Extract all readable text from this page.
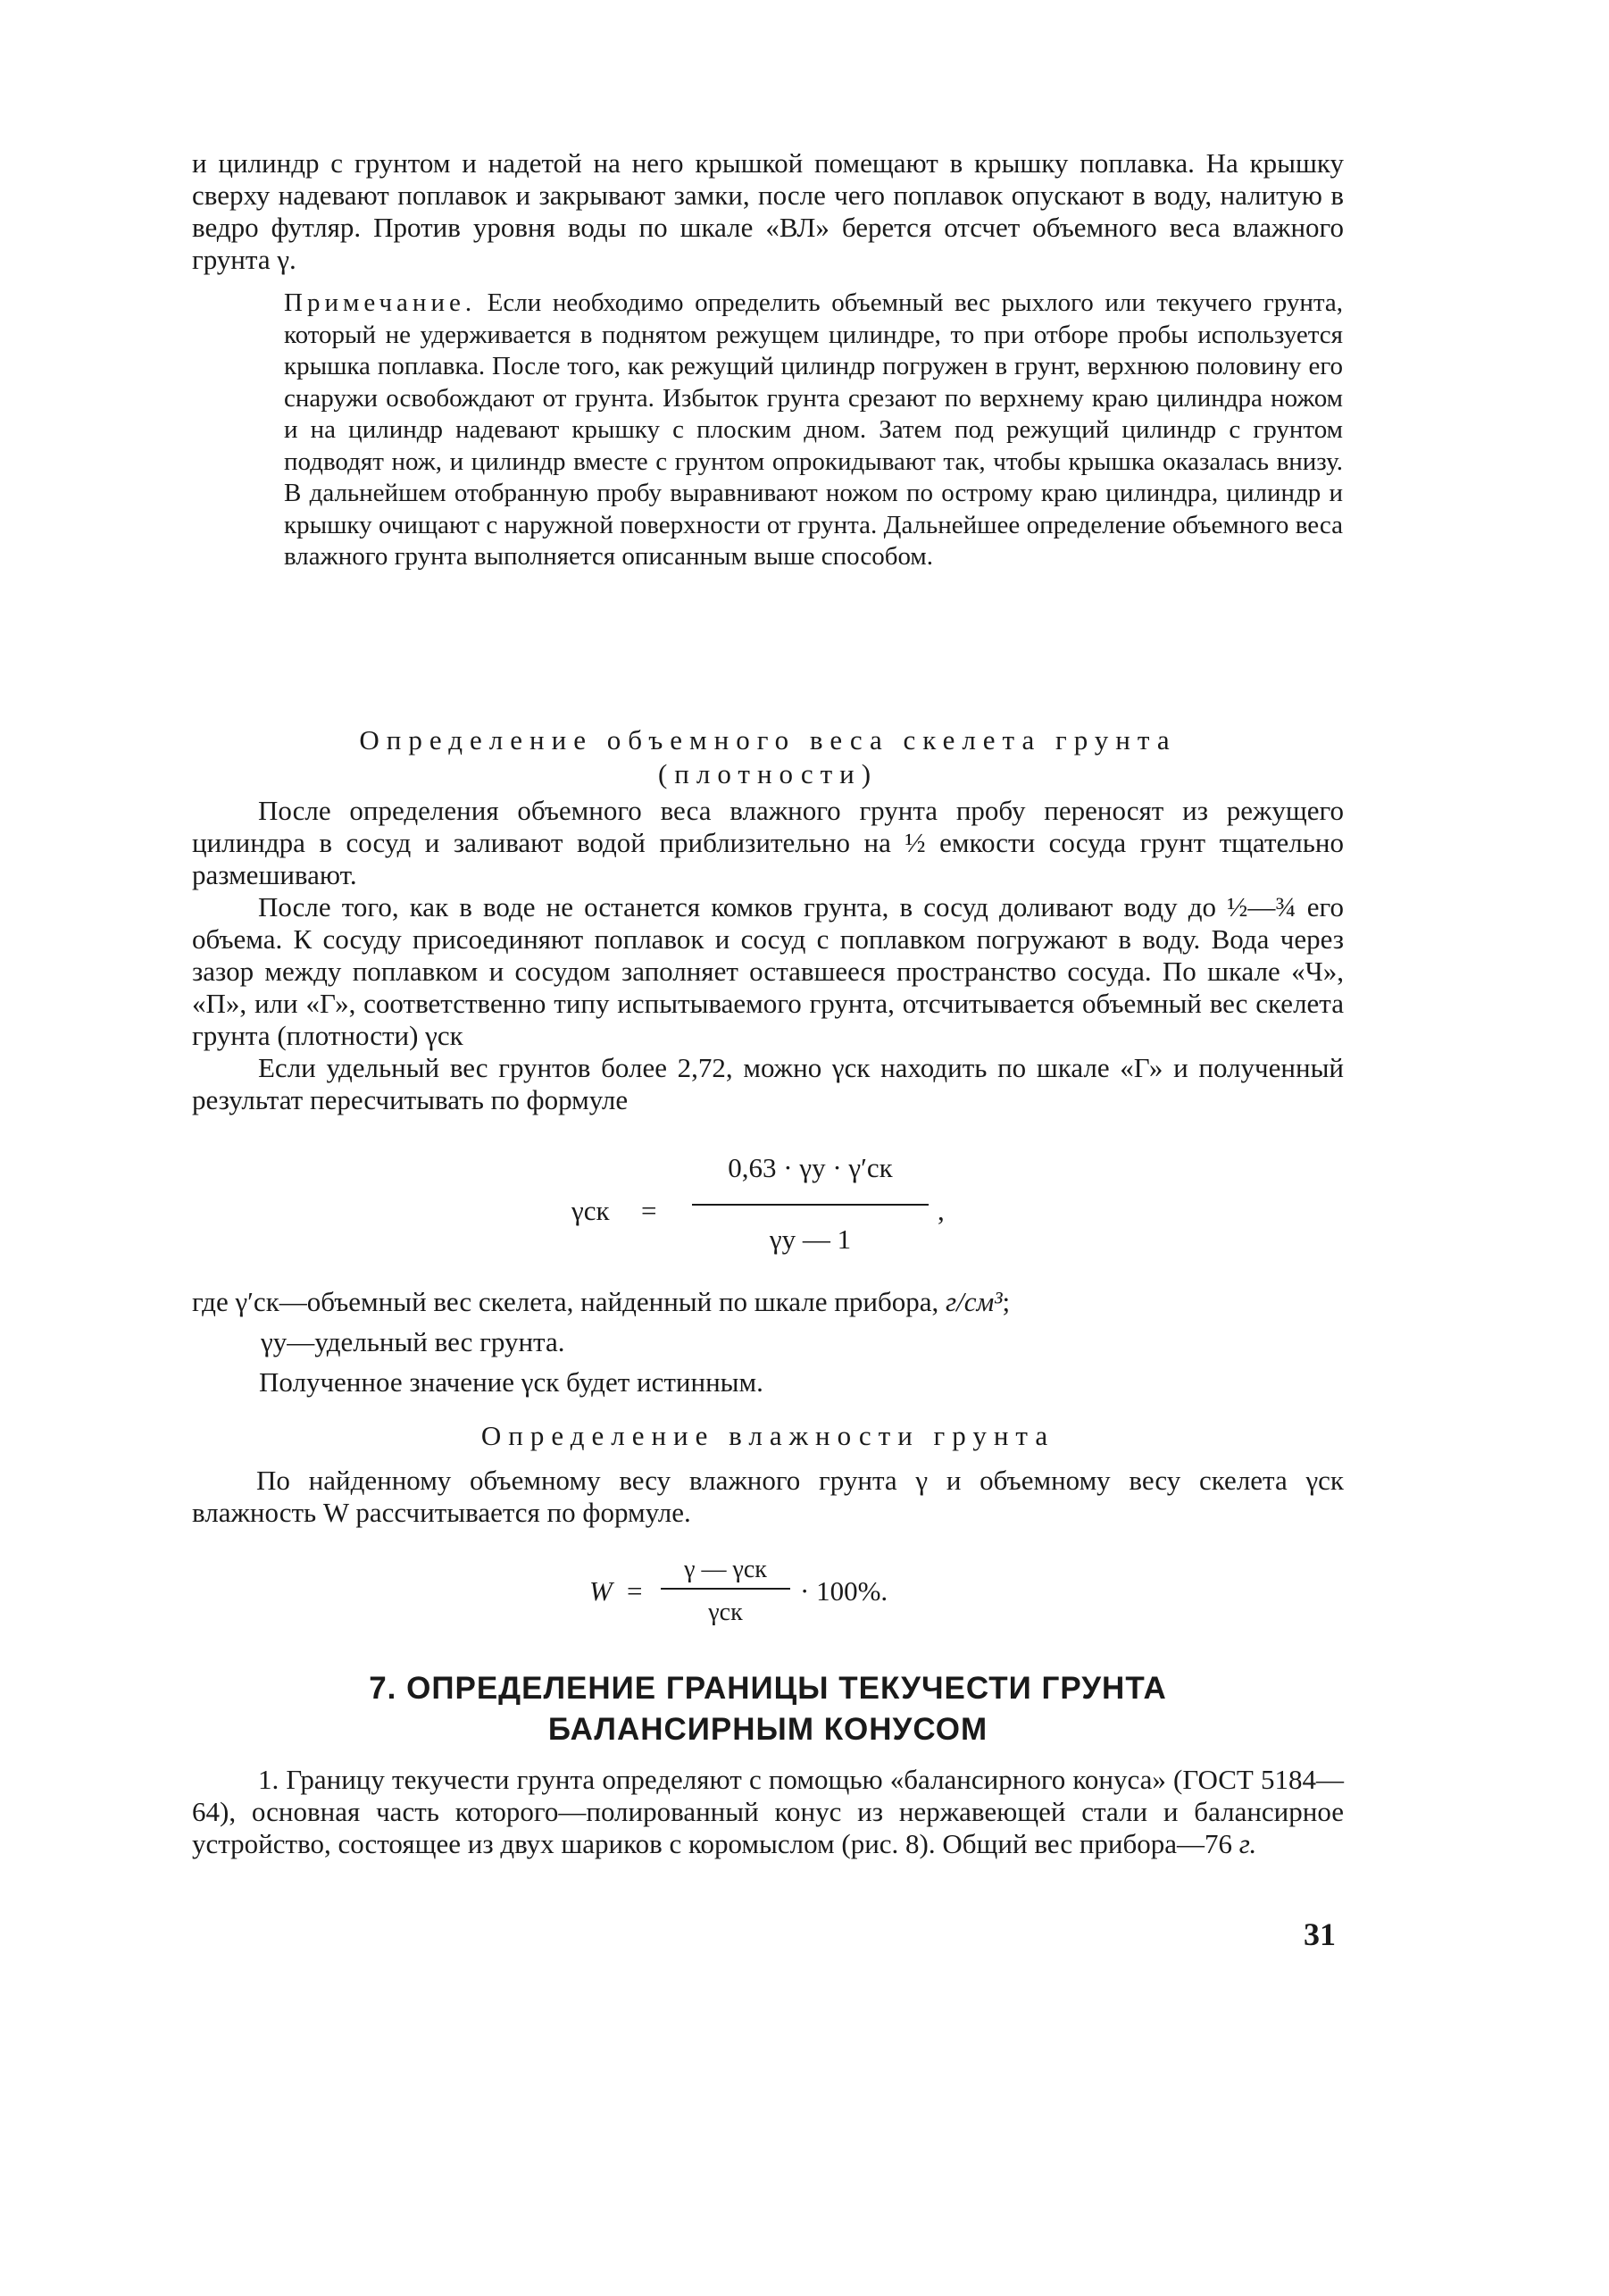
и цилиндр с грунтом и надетой на него крышкой помещают в крышку поплавка. На крышку сверху надевают поплавок и закрывают замки, после чего поплавок опускают в воду, налитую в ведро футляр. Против уровня воды по шкале «ВЛ» берется отсчет объемного веса влажного грунта γ.
Примечание. Если необходимо определить объемный вес рыхлого или текучего грунта, который не удерживается в поднятом режущем цилиндре, то при отборе пробы используется крышка поплавка. После того, как режущий цилиндр погружен в грунт, верхнюю половину его снаружи освобождают от грунта. Избыток грунта срезают по верхнему краю цилиндра ножом и на цилиндр надевают крышку с плоским дном. Затем под режущий цилиндр с грунтом подводят нож, и цилиндр вместе с грунтом опрокидывают так, чтобы крышка оказалась внизу. В дальнейшем отобранную пробу выравнивают ножом по острому краю цилиндра, цилиндр и крышку очищают с наружной поверхности от грунта. Дальнейшее определение объемного веса влажного грунта выполняется описанным выше способом.
Определение объемного веса скелета грунта
(плотности)

После определения объемного веса влажного грунта пробу переносят из режущего цилиндра в сосуд и заливают водой приблизительно на ½ емкости сосуда грунт тщательно размешивают.

После того, как в воде не останется комков грунта, в сосуд доливают воду до ½—¾ его объема. К сосуду присоединяют поплавок и сосуд с поплавком погружают в воду. Вода через зазор между поплавком и сосудом заполняет оставшееся пространство сосуда. По шкале «Ч», «П», или «Г», соответственно типу испытываемого грунта, отсчитывается объемный вес скелета грунта (плотности) γск

Если удельный вес грунтов более 2,72, можно γск находить по шкале «Г» и полученный результат пересчитывать по формуле

γск =
0,63 · γу · γ′ск
γу — 1
,
где γ′ск—объемный вес скелета, найденный по шкале прибора, г/см³;
γу—удельный вес грунта.
Полученное значение γск будет истинным.
Определение влажности грунта

По найденному объемному весу влажного грунта γ и объемному весу скелета γск влажность W рассчитывается по формуле.

W =
γ — γск
γск
· 100%.
7. ОПРЕДЕЛЕНИЕ ГРАНИЦЫ ТЕКУЧЕСТИ ГРУНТА
БАЛАНСИРНЫМ КОНУСОМ

1. Границу текучести грунта определяют с помощью «балансирного конуса» (ГОСТ 5184—64), основная часть которого—полированный конус из нержавеющей стали и балансирное устройство, состоящее из двух шариков с коромыслом (рис. 8). Общий вес прибора—76 г.

31
